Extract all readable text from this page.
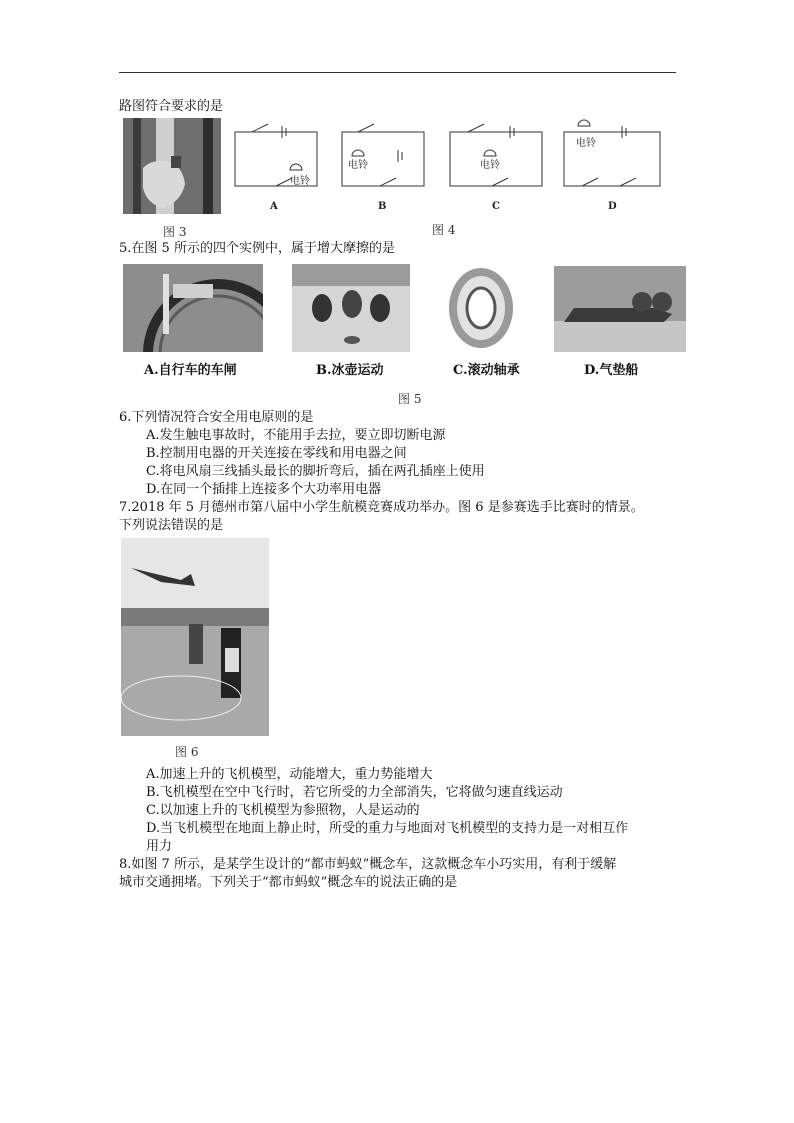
路图符合要求的是
图 3
电铃
电铃	电铃
电铃
A	B	C	D
图 4
5.在图 5 所示的四个实例中，属于增大摩擦的是
A.自行车的车闸	B.冰壶运动	C.滚动轴承	D.气垫船
图 5
6.下列情况符合安全用电原则的是
A.发生触电事故时，不能用手去拉，要立即切断电源
B.控制用电器的开关连接在零线和用电器之间
C.将电风扇三线插头最长的脚折弯后，插在两孔插座上使用
D.在同一个插排上连接多个大功率用电器
7.2018 年 5 月德州市第八届中小学生航模竞赛成功举办。图 6 是参赛选手比赛时的情景。
下列说法错误的是
图 6
A.加速上升的飞机模型，动能增大，重力势能增大
B.飞机模型在空中飞行时，若它所受的力全部消失，它将做匀速直线运动
C.以加速上升的飞机模型为参照物，人是运动的
D.当飞机模型在地面上静止时，所受的重力与地面对飞机模型的支持力是一对相互作
用力
8.如图 7 所示，是某学生设计的“都市蚂蚁”概念车，这款概念车小巧实用，有利于缓解
城市交通拥堵。下列关于“都市蚂蚁”概念车的说法正确的是
